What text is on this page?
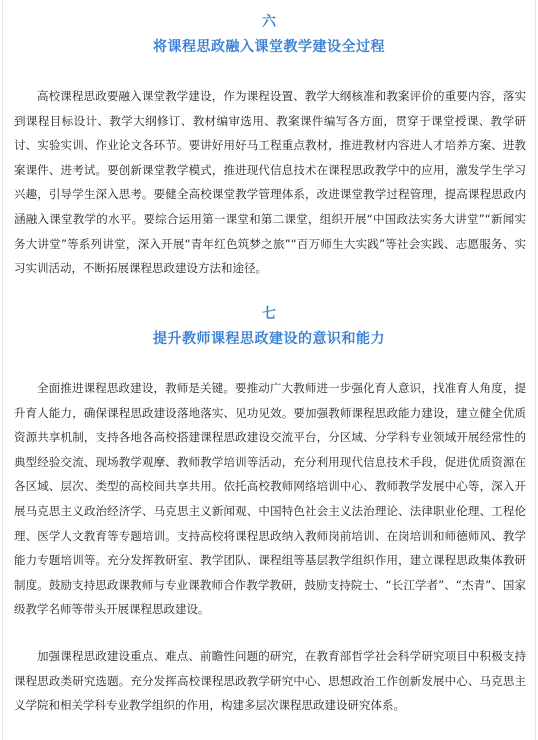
六
将课程思政融入课堂教学建设全过程

高校课程思政要融入课堂教学建设，作为课程设置、教学大纲核准和教案评价的重要内容，落实到课程目标设计、教学大纲修订、教材编审选用、教案课件编写各方面，贯穿于课堂授课、教学研讨、实验实训、作业论文各环节。要讲好用好马工程重点教材，推进教材内容进人才培养方案、进教案课件、进考试。要创新课堂教学模式，推进现代信息技术在课程思政教学中的应用，激发学生学习兴趣，引导学生深入思考。要健全高校课堂教学管理体系，改进课堂教学过程管理，提高课程思政内涵融入课堂教学的水平。要综合运用第一课堂和第二课堂，组织开展“中国政法实务大讲堂”“新闻实务大讲堂”等系列讲堂，深入开展“青年红色筑梦之旅”“百万师生大实践”等社会实践、志愿服务、实习实训活动，不断拓展课程思政建设方法和途径。

七
提升教师课程思政建设的意识和能力

全面推进课程思政建设，教师是关键。要推动广大教师进一步强化育人意识，找准育人角度，提升育人能力，确保课程思政建设落地落实、见功见效。要加强教师课程思政能力建设，建立健全优质资源共享机制，支持各地各高校搭建课程思政建设交流平台，分区域、分学科专业领域开展经常性的典型经验交流、现场教学观摩、教师教学培训等活动，充分利用现代信息技术手段，促进优质资源在各区域、层次、类型的高校间共享共用。依托高校教师网络培训中心、教师教学发展中心等，深入开展马克思主义政治经济学、马克思主义新闻观、中国特色社会主义法治理论、法律职业伦理、工程伦理、医学人文教育等专题培训。支持高校将课程思政纳入教师岗前培训、在岗培训和师德师风、教学能力专题培训等。充分发挥教研室、教学团队、课程组等基层教学组织作用，建立课程思政集体教研制度。鼓励支持思政课教师与专业课教师合作教学教研，鼓励支持院士、“长江学者”、“杰青”、国家级教学名师等带头开展课程思政建设。

加强课程思政建设重点、难点、前瞻性问题的研究，在教育部哲学社会科学研究项目中积极支持课程思政类研究选题。充分发挥高校课程思政教学研究中心、思想政治工作创新发展中心、马克思主义学院和相关学科专业教学组织的作用，构建多层次课程思政建设研究体系。
